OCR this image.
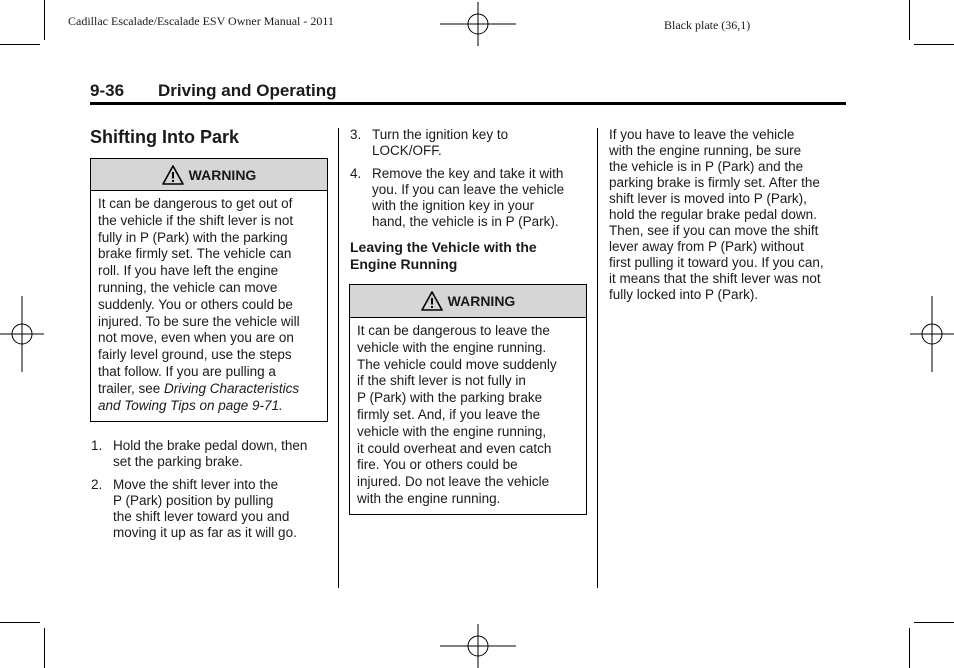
Cadillac Escalade/Escalade ESV Owner Manual - 2011	Black plate (36,1)
9-36 Driving and Operating
Shifting Into Park
WARNING
It can be dangerous to get out of
the vehicle if the shift lever is not
fully in P (Park) with the parking
brake firmly set. The vehicle can
roll. If you have left the engine
running, the vehicle can move
suddenly. You or others could be
injured. To be sure the vehicle will
not move, even when you are on
fairly level ground, use the steps
that follow. If you are pulling a
trailer, see Driving Characteristics
and Towing Tips on page 9-71.
1. Hold the brake pedal down, then
set the parking brake.
2. Move the shift lever into the
P (Park) position by pulling
the shift lever toward you and
moving it up as far as it will go.
3. Turn the ignition key to
LOCK/OFF.
4. Remove the key and take it with
you. If you can leave the vehicle
with the ignition key in your
hand, the vehicle is in P (Park).
Leaving the Vehicle with the
Engine Running
WARNING
It can be dangerous to leave the
vehicle with the engine running.
The vehicle could move suddenly
if the shift lever is not fully in
P (Park) with the parking brake
firmly set. And, if you leave the
vehicle with the engine running,
it could overheat and even catch
fire. You or others could be
injured. Do not leave the vehicle
with the engine running.
If you have to leave the vehicle
with the engine running, be sure
the vehicle is in P (Park) and the
parking brake is firmly set. After the
shift lever is moved into P (Park),
hold the regular brake pedal down.
Then, see if you can move the shift
lever away from P (Park) without
first pulling it toward you. If you can,
it means that the shift lever was not
fully locked into P (Park).
